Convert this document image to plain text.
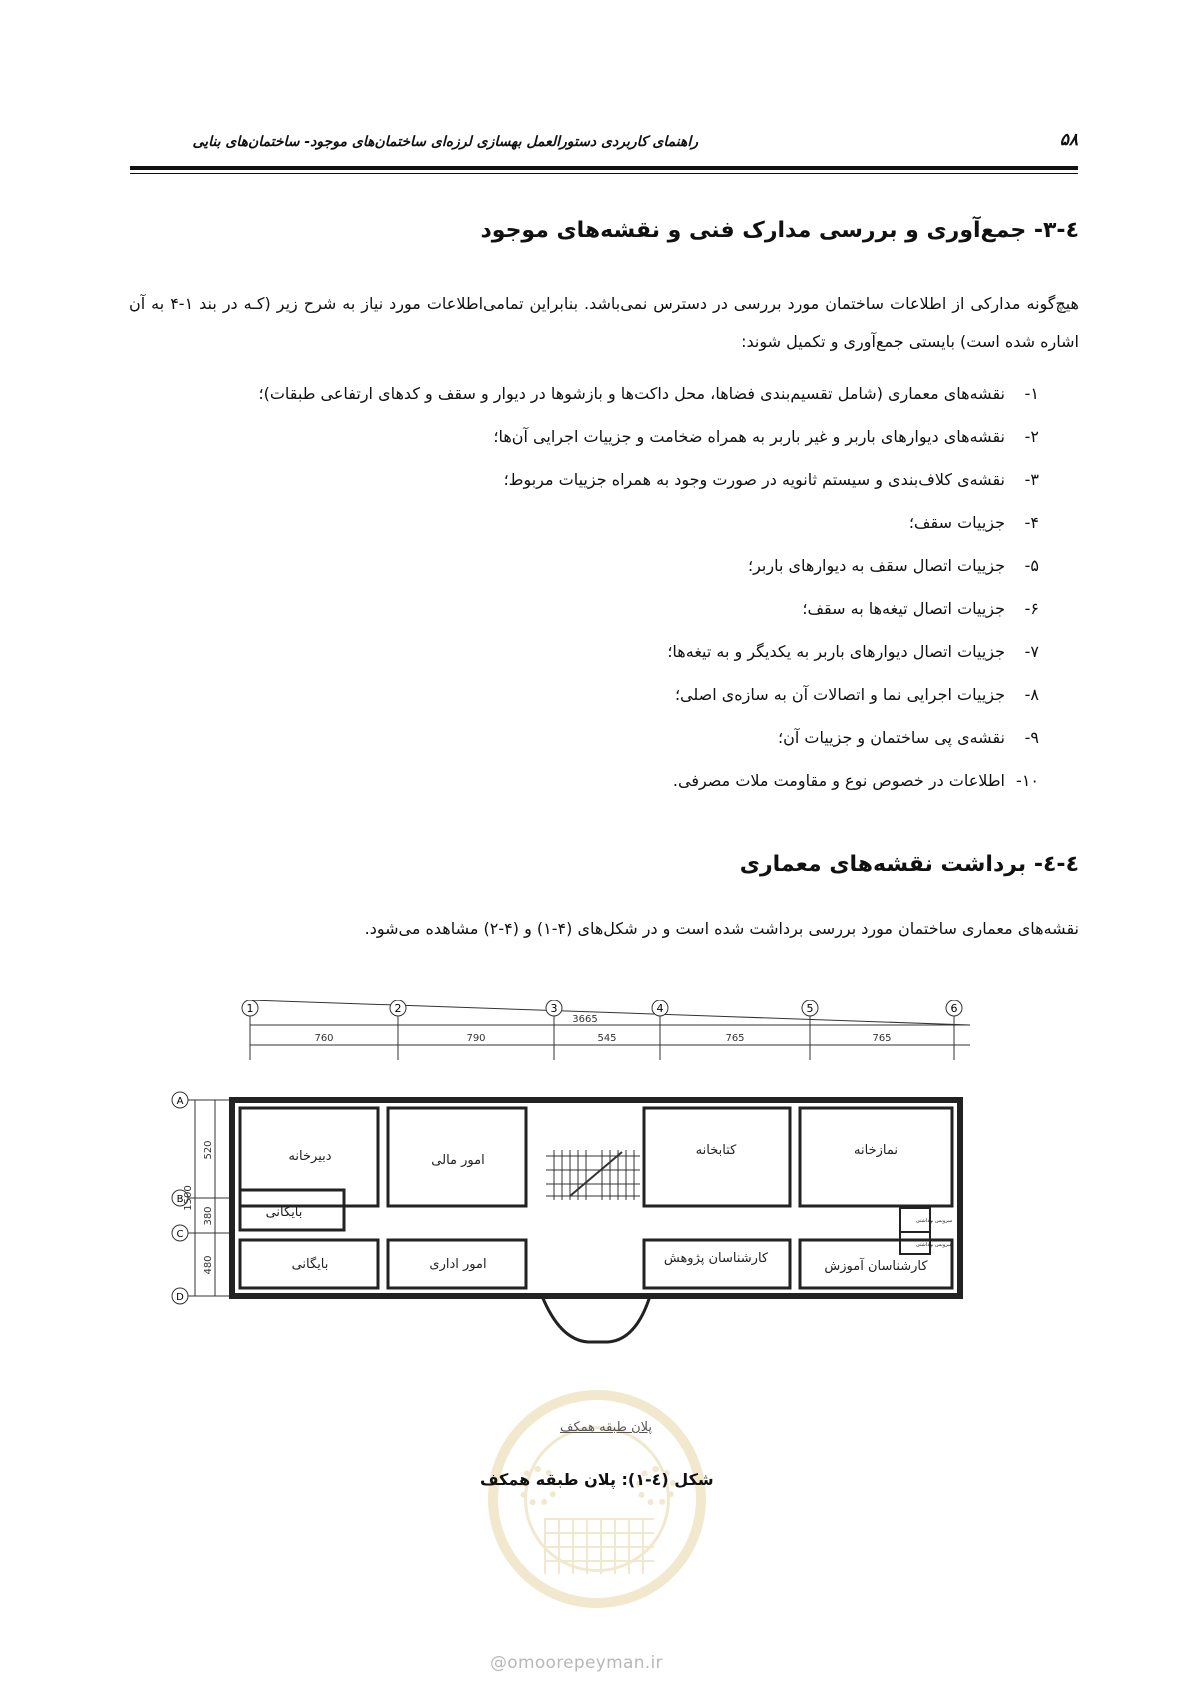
راهنمای کاربردی دستورالعمل بهسازی لرزه‌ای ساختمان‌های موجود- ساختمان‌های بنایی	۵۸
٤-۳- جمع‌آوری و بررسی مدارک فنی و نقشه‌های موجود
هیچ‌گونه مدارکی از اطلاعات ساختمان مورد بررسی در دسترس نمی‌باشد. بنابراین تمامی‌اطلاعات مورد نیاز به شرح زیر (کـه در بند ۱-۴ به آن اشاره شده است) بایستی جمع‌آوری و تکمیل شوند:
۱-نقشه‌های معماری (شامل تقسیم‌بندی فضاها، محل داکت‌ها و بازشوها در دیوار و سقف و کدهای ارتفاعی طبقات)؛
۲-نقشه‌های دیوارهای باربر و غیر باربر به همراه ضخامت و جزییات اجرایی آن‌ها؛
۳-نقشه‌ی کلاف‌بندی و سیستم ثانویه در صورت وجود به همراه جزییات مربوط؛
۴-جزییات سقف؛
۵-جزییات اتصال سقف به دیوارهای باربر؛
۶-جزییات اتصال تیغه‌ها به سقف؛
۷-جزییات اتصال دیوارهای باربر به یکدیگر و به تیغه‌ها؛
۸-جزییات اجرایی نما و اتصالات آن به سازه‌ی اصلی؛
۹-نقشه‌ی پی ساختمان و جزییات آن؛
۱۰-اطلاعات در خصوص نوع و مقاومت ملات مصرفی.
٤-٤- برداشت نقشه‌های معماری
نقشه‌های معماری ساختمان مورد بررسی برداشت شده است و در شکل‌های (۴-۱) و (۴-۲) مشاهده می‌شود.
1	2	3	4	5	6
3665
760	790	545	765	765
A
B
C
D
520
380
480
1500
دبیرخانه	امور مالی
کتابخانه	نمازخانه
بایگانی
بایگانی	امور اداری	کارشناسان پژوهش
کارشناسان آموزش
سرویس بهداشتی
سرویس بهداشتی
پلان طبقه همکف
شکل (٤-۱): پلان طبقه همکف
@omoorepeyman.ir
